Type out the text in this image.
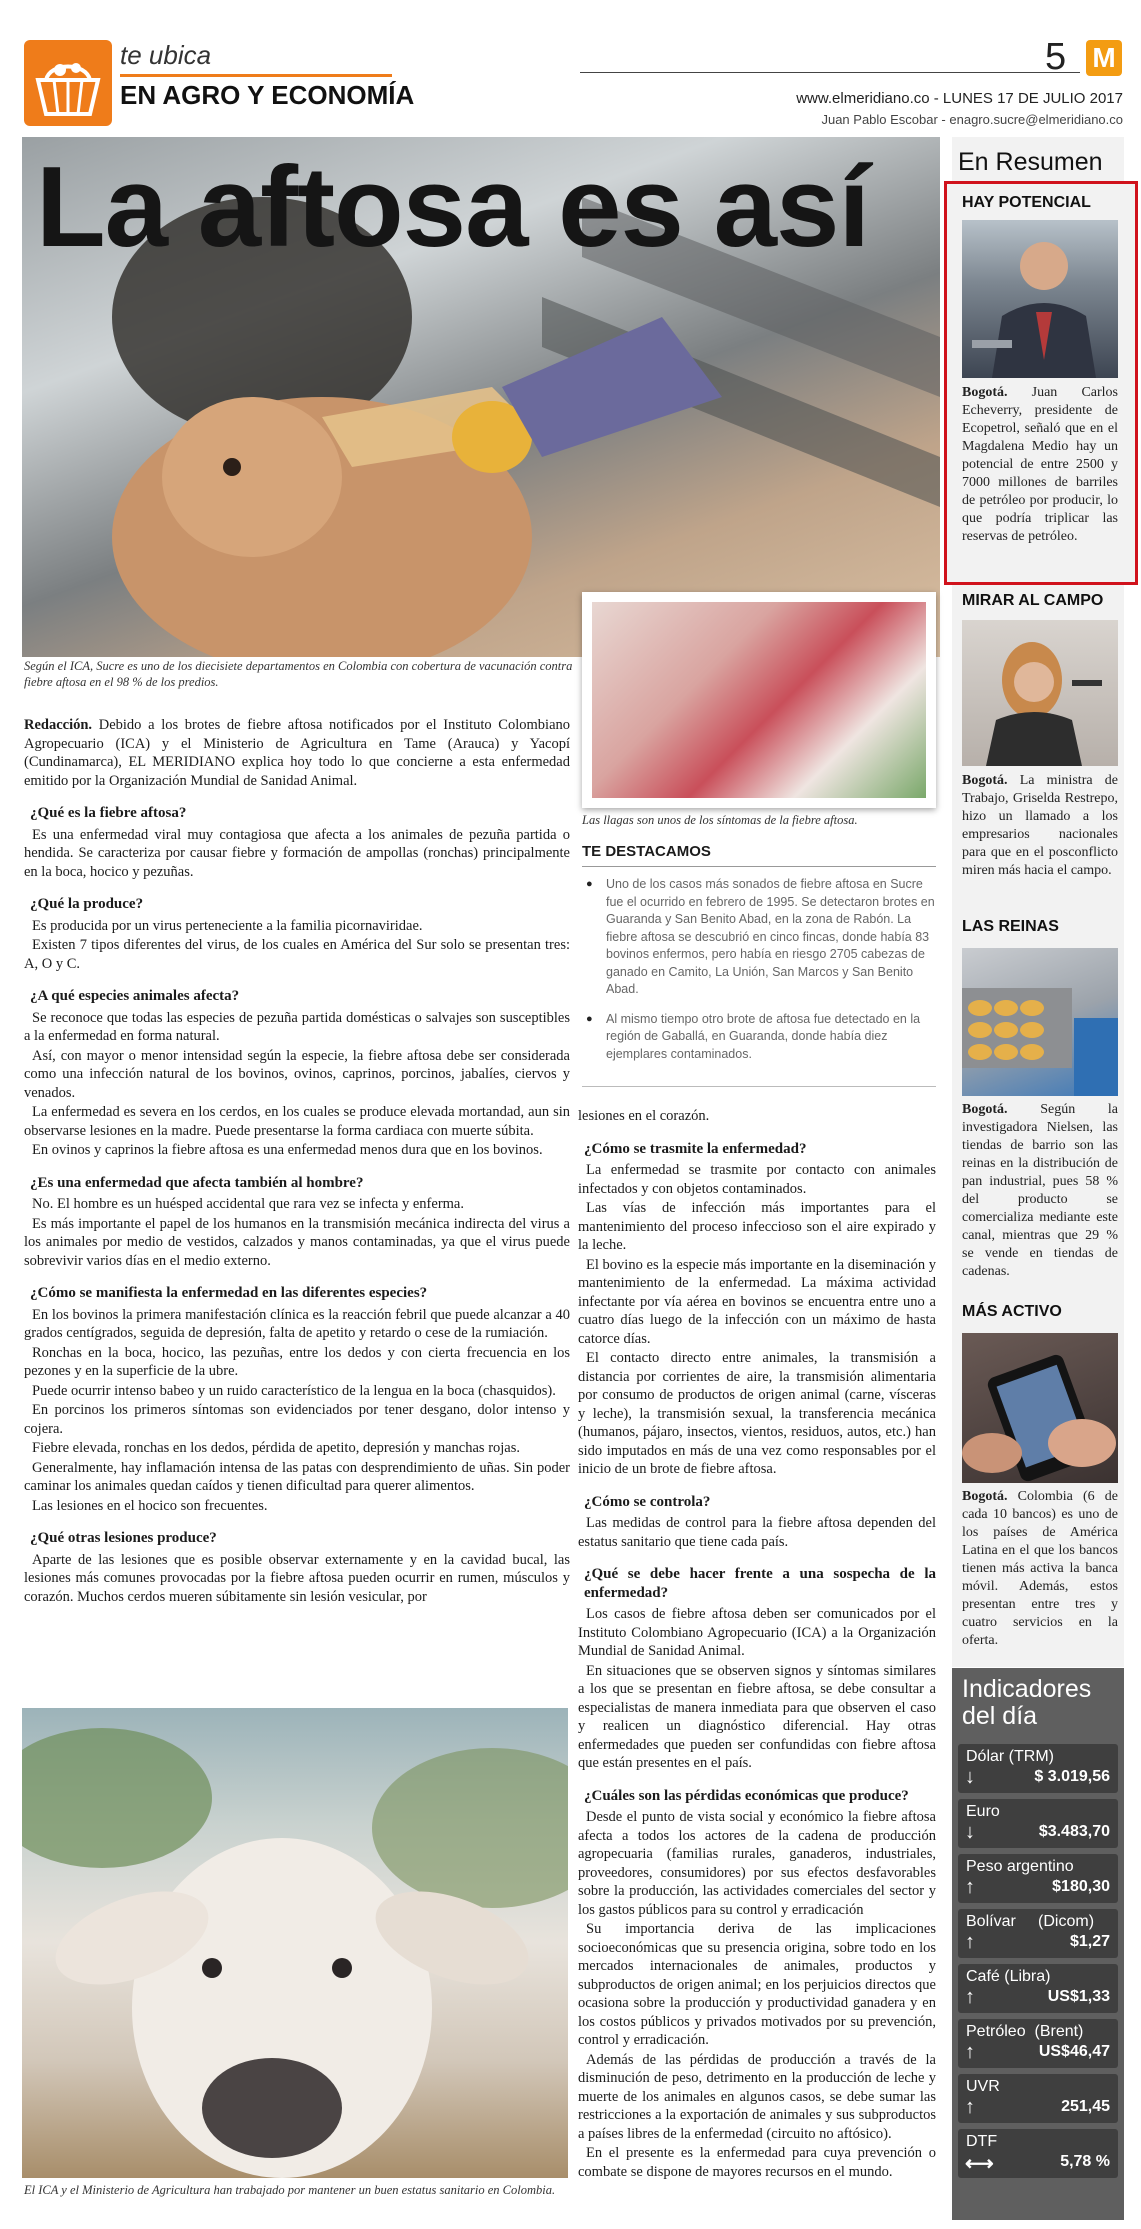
te ubica
EN AGRO Y ECONOMÍA
5 M
www.elmeridiano.co - LUNES 17 DE JULIO 2017
Juan Pablo Escobar - enagro.sucre@elmeridiano.co
La aftosa es así
Según el ICA, Sucre es uno de los diecisiete departamentos en Colombia con cobertura de vacunación contra fiebre aftosa en el 98 % de los predios.
Las llagas son unos de los síntomas de la fiebre aftosa.

Redacción. Debido a los brotes de fiebre aftosa notificados por el Instituto Colombiano Agropecuario (ICA) y el Ministerio de Agricultura en Tame (Arauca) y Yacopí (Cundinamarca), EL MERIDIANO explica hoy todo lo que concierne a esta enfermedad emitido por la Organización Mundial de Sanidad Animal.

¿Qué es la fiebre aftosa?

Es una enfermedad viral muy contagiosa que afecta a los animales de pezuña partida o hendida. Se caracteriza por causar fiebre y formación de ampollas (ronchas) principalmente en la boca, hocico y pezuñas.

¿Qué la produce?

Es producida por un virus perteneciente a la familia picornaviridae.

Existen 7 tipos diferentes del virus, de los cuales en América del Sur solo se presentan tres: A, O y C.

¿A qué especies animales afecta?

Se reconoce que todas las especies de pezuña partida domésticas o salvajes son susceptibles a la enfermedad en forma natural.

Así, con mayor o menor intensidad según la especie, la fiebre aftosa debe ser considerada como una infección natural de los bovinos, ovinos, caprinos, porcinos, jabalíes, ciervos y venados.

La enfermedad es severa en los cerdos, en los cuales se produce elevada mortandad, aun sin observarse lesiones en la madre. Puede presentarse la forma cardiaca con muerte súbita.

En ovinos y caprinos la fiebre aftosa es una enfermedad menos dura que en los bovinos.

¿Es una enfermedad que afecta también al hombre?

No. El hombre es un huésped accidental que rara vez se infecta y enferma.

Es más importante el papel de los humanos en la transmisión mecánica indirecta del virus a los animales por medio de vestidos, calzados y manos contaminadas, ya que el virus puede sobrevivir varios días en el medio externo.

¿Cómo se manifiesta la enfermedad en las diferentes especies?

En los bovinos la primera manifestación clínica es la reacción febril que puede alcanzar a 40 grados centígrados, seguida de depresión, falta de apetito y retardo o cese de la rumiación.

Ronchas en la boca, hocico, las pezuñas, entre los dedos y con cierta frecuencia en los pezones y en la superficie de la ubre.

Puede ocurrir intenso babeo y un ruido característico de la lengua en la boca (chasquidos).

En porcinos los primeros síntomas son evidenciados por tener desgano, dolor intenso y cojera.

Fiebre elevada, ronchas en los dedos, pérdida de apetito, depresión y manchas rojas.

Generalmente, hay inflamación intensa de las patas con desprendimiento de uñas. Sin poder caminar los animales quedan caídos y tienen dificultad para querer alimentos.

Las lesiones en el hocico son frecuentes.

¿Qué otras lesiones produce?

Aparte de las lesiones que es posible observar externamente y en la cavidad bucal, las lesiones más comunes provocadas por la fiebre aftosa pueden ocurrir en rumen, músculos y corazón. Muchos cerdos mueren súbitamente sin lesión vesicular, por

El ICA y el Ministerio de Agricultura han trabajado por mantener un buen estatus sanitario en Colombia.
TE DESTACAMOS
● Uno de los casos más sonados de fiebre aftosa en Sucre fue el ocurrido en febrero de 1995. Se detectaron brotes en Guaranda y San Benito Abad, en la zona de Rabón. La fiebre aftosa se descubrió en cinco fincas, donde había 83 bovinos enfermos, pero había en riesgo 2705 cabezas de ganado en Camito, La Unión, San Marcos y San Benito Abad.
● Al mismo tiempo otro brote de aftosa fue detectado en la región de Gaballá, en Guaranda, donde había diez ejemplares contaminados.

lesiones en el corazón.

¿Cómo se trasmite la enfermedad?

La enfermedad se trasmite por contacto con animales infectados y con objetos contaminados.

Las vías de infección más importantes para el mantenimiento del proceso infeccioso son el aire expirado y la leche.

El bovino es la especie más importante en la diseminación y mantenimiento de la enfermedad. La máxima actividad infectante por vía aérea en bovinos se encuentra entre uno a cuatro días luego de la infección con un máximo de hasta catorce días.

El contacto directo entre animales, la transmisión a distancia por corrientes de aire, la transmisión alimentaria por consumo de productos de origen animal (carne, vísceras y leche), la transmisión sexual, la transferencia mecánica (humanos, pájaro, insectos, vientos, residuos, autos, etc.) han sido imputados en más de una vez como responsables por el inicio de un brote de fiebre aftosa.

¿Cómo se controla?

Las medidas de control para la fiebre aftosa dependen del estatus sanitario que tiene cada país.

¿Qué se debe hacer frente a una sospecha de la enfermedad?

Los casos de fiebre aftosa deben ser comunicados por el Instituto Colombiano Agropecuario (ICA) a la Organización Mundial de Sanidad Animal.

En situaciones que se observen signos y síntomas similares a los que se presentan en fiebre aftosa, se debe consultar a especialistas de manera inmediata para que observen el caso y realicen un diagnóstico diferencial. Hay otras enfermedades que pueden ser confundidas con fiebre aftosa que están presentes en el país.

¿Cuáles son las pérdidas económicas que produce?

Desde el punto de vista social y económico la fiebre aftosa afecta a todos los actores de la cadena de producción agropecuaria (familias rurales, ganaderos, industriales, proveedores, consumidores) por sus efectos desfavorables sobre la producción, las actividades comerciales del sector y los gastos públicos para su control y erradicación

Su importancia deriva de las implicaciones socioeconómicas que su presencia origina, sobre todo en los mercados internacionales de animales, productos y subproductos de origen animal; en los perjuicios directos que ocasiona sobre la producción y productividad ganadera y en los costos públicos y privados motivados por su prevención, control y erradicación.

Además de las pérdidas de producción a través de la disminución de peso, detrimento en la producción de leche y muerte de los animales en algunos casos, se debe sumar las restricciones a la exportación de animales y sus subproductos a países libres de la enfermedad (circuito no aftósico).

En el presente es la enfermedad para cuya prevención o combate se dispone de mayores recursos en el mundo.

En Resumen
HAY POTENCIAL
Bogotá. Juan Carlos Echeverry, presidente de Ecopetrol, señaló que en el Magdalena Medio hay un potencial de entre 2500 y 7000 millones de barriles de petróleo por producir, lo que podría triplicar las reservas de petróleo.
MIRAR AL CAMPO
Bogotá. La ministra de Trabajo, Griselda Restrepo, hizo un llamado a los empresarios nacionales para que en el posconflicto miren más hacia el campo.
LAS REINAS
Bogotá. Según la investigadora Nielsen, las tiendas de barrio son las reinas en la distribución de pan industrial, pues 58 % del producto se comercializa mediante este canal, mientras que 29 % se vende en tiendas de cadenas.
MÁS ACTIVO
Bogotá. Colombia (6 de cada 10 bancos) es uno de los países de América Latina en el que los bancos tienen más activa la banca móvil. Además, estos presentan entre tres y cuatro servicios en la oferta.
Indicadores del día
Dólar (TRM)
↓	$ 3.019,56
Euro
↓	$3.483,70
Peso argentino
↑	$180,30
Bolívar     (Dicom)
↑	$1,27
Café (Libra)
↑	US$1,33
Petróleo  (Brent)
↑	US$46,47
UVR
↑	251,45
DTF
⟷	5,78 %
